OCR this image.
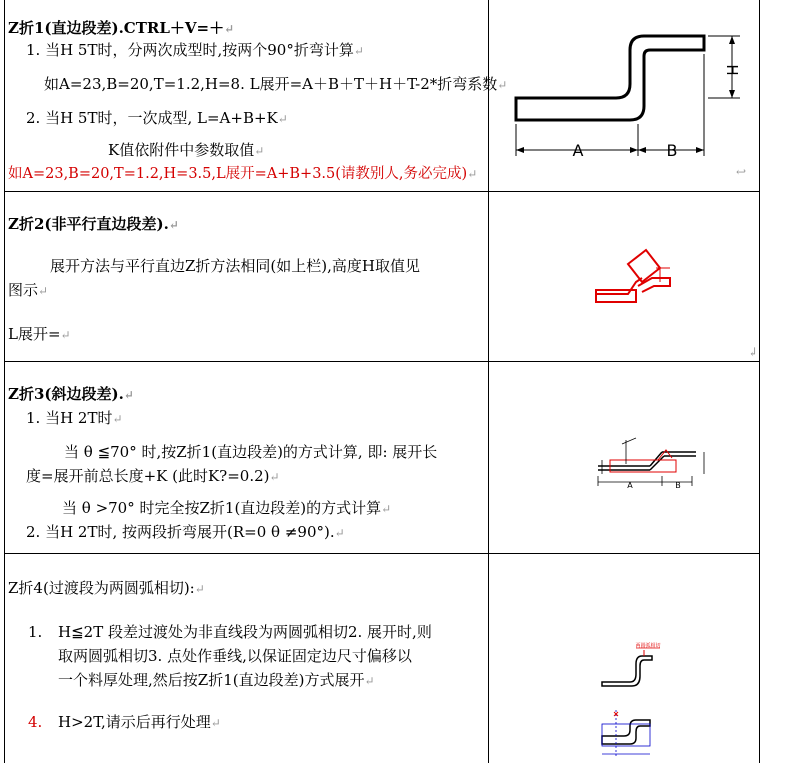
Z折1(直边段差).CTRL＋V=＋↵
1. 当H 5T时，分两次成型时,按两个90°折弯计算↵
如A=23,B=20,T=1.2,H=8. L展开=A＋B＋T＋H＋T-2*折弯系数↵
2. 当H 5T时，一次成型, L=A+B+K↵
K值依附件中参数取值↵
如A=23,B=20,T=1.2,H=3.5,L展开=A+B+3.5(请教别人,务必完成)↵
A	B
H
↩
Z折2(非平行直边段差).↵
展开方法与平行直边Z折方法相同(如上栏),高度H取值见
图示↵
L展开=↵
↲
Z折3(斜边段差).↵
1. 当H 2T时↵
当 θ ≦70° 时,按Z折1(直边段差)的方式计算, 即: 展开长
度=展开前总长度+K (此时K?=0.2)↵
当 θ >70° 时完全按Z折1(直边段差)的方式计算↵
2. 当H 2T时, 按两段折弯展开(R=0 θ ≠90°).↵
A	B
Z折4(过渡段为两圆弧相切):↵
1. H≦2T 段差过渡处为非直线段为两圆弧相切2. 展开时,则
取两圆弧相切3. 点处作垂线,以保证固定边尺寸偏移以
一个料厚处理,然后按Z折1(直边段差)方式展开↵
4. H>2T,请示后再行处理↵
两圆弧相切
